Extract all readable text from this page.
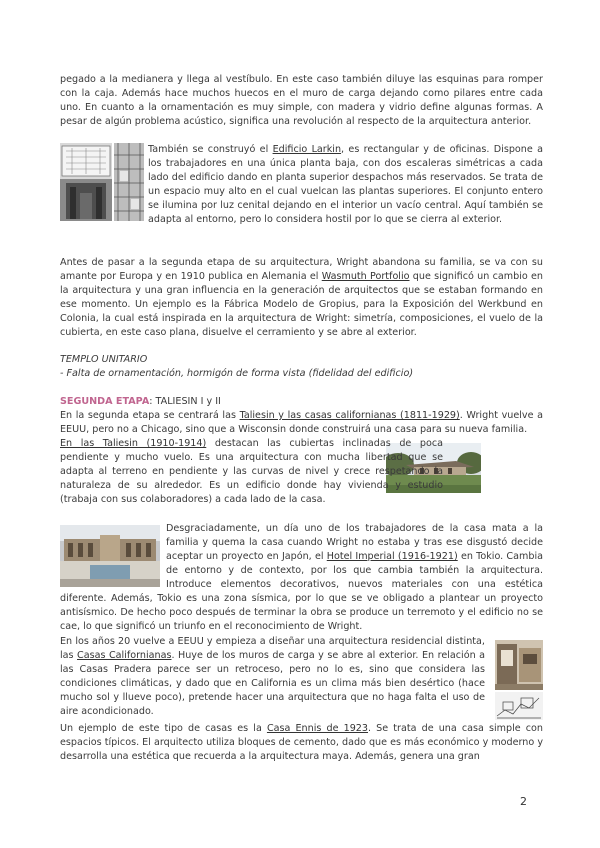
pegado a la medianera y llega al vestíbulo. En este caso también diluye las esquinas para romper con la caja. Además hace muchos huecos en el muro de carga dejando como pilares entre cada uno. En cuanto a la ornamentación es muy simple, con madera y vidrio define algunas formas. A pesar de algún problema acústico, significa una revolución al respecto de la arquitectura anterior.
También se construyó el Edificio Larkin, es rectangular y de oficinas. Dispone a los trabajadores en una única planta baja, con dos escaleras simétricas a cada lado del edificio dando en planta superior despachos más reservados. Se trata de un espacio muy alto en el cual vuelcan las plantas superiores. El conjunto entero se ilumina por luz cenital dejando en el interior un vacío central. Aquí también se adapta al entorno, pero lo considera hostil por lo que se cierra al exterior.
Antes de pasar a la segunda etapa de su arquitectura, Wright abandona su familia, se va con su amante por Europa y en 1910 publica en Alemania el Wasmuth Portfolio que significó un cambio en la arquitectura y una gran influencia en la generación de arquitectos que se estaban formando en ese momento. Un ejemplo es la Fábrica Modelo de Gropius, para la Exposición del Werkbund en Colonia, la cual está inspirada en la arquitectura de Wright: simetría, composiciones, el vuelo de la cubierta, en este caso plana, disuelve el cerramiento y se abre al exterior.
TEMPLO UNITARIO
- Falta de ornamentación, hormigón de forma vista (fidelidad del edificio)
SEGUNDA ETAPA: TALIESIN I y II
En la segunda etapa se centrará las Taliesin y las casas californianas (1811-1929). Wright vuelve a EEUU, pero no a Chicago, sino que a Wisconsin donde construirá una casa para su nueva familia.
En las Taliesin (1910-1914) destacan las cubiertas inclinadas de poca pendiente y mucho vuelo. Es una arquitectura con mucha libertad que se adapta al terreno en pendiente y las curvas de nivel y crece respetando la naturaleza de su alrededor. Es un edificio donde hay vivienda y estudio (trabaja con sus colaboradores) a cada lado de la casa.
Desgraciadamente, un día uno de los trabajadores de la casa mata a la familia y quema la casa cuando Wright no estaba y tras ese disgustó decide aceptar un proyecto en Japón, el Hotel Imperial (1916-1921) en Tokio. Cambia de entorno y de contexto, por los que cambia también la arquitectura. Introduce elementos decorativos, nuevos materiales con una estética diferente. Además, Tokio es una zona sísmica, por lo que se ve obligado a plantear un proyecto antisísmico. De hecho poco después de terminar la obra se produce un terremoto y el edificio no se cae, lo que significó un triunfo en el reconocimiento de Wright.
En los años 20 vuelve a EEUU y empieza a diseñar una arquitectura residencial distinta, las Casas Californianas. Huye de los muros de carga y se abre al exterior. En relación a las Casas Pradera parece ser un retroceso, pero no lo es, sino que considera las condiciones climáticas, y dado que en California es un clima más bien desértico (hace mucho sol y llueve poco), pretende hacer una arquitectura que no haga falta el uso de aire acondicionado.
Un ejemplo de este tipo de casas es la Casa Ennis de 1923. Se trata de una casa simple con espacios típicos. El arquitecto utiliza bloques de cemento, dado que es más económico y moderno y desarrolla una estética que recuerda a la arquitectura maya. Además, genera una gran
2
